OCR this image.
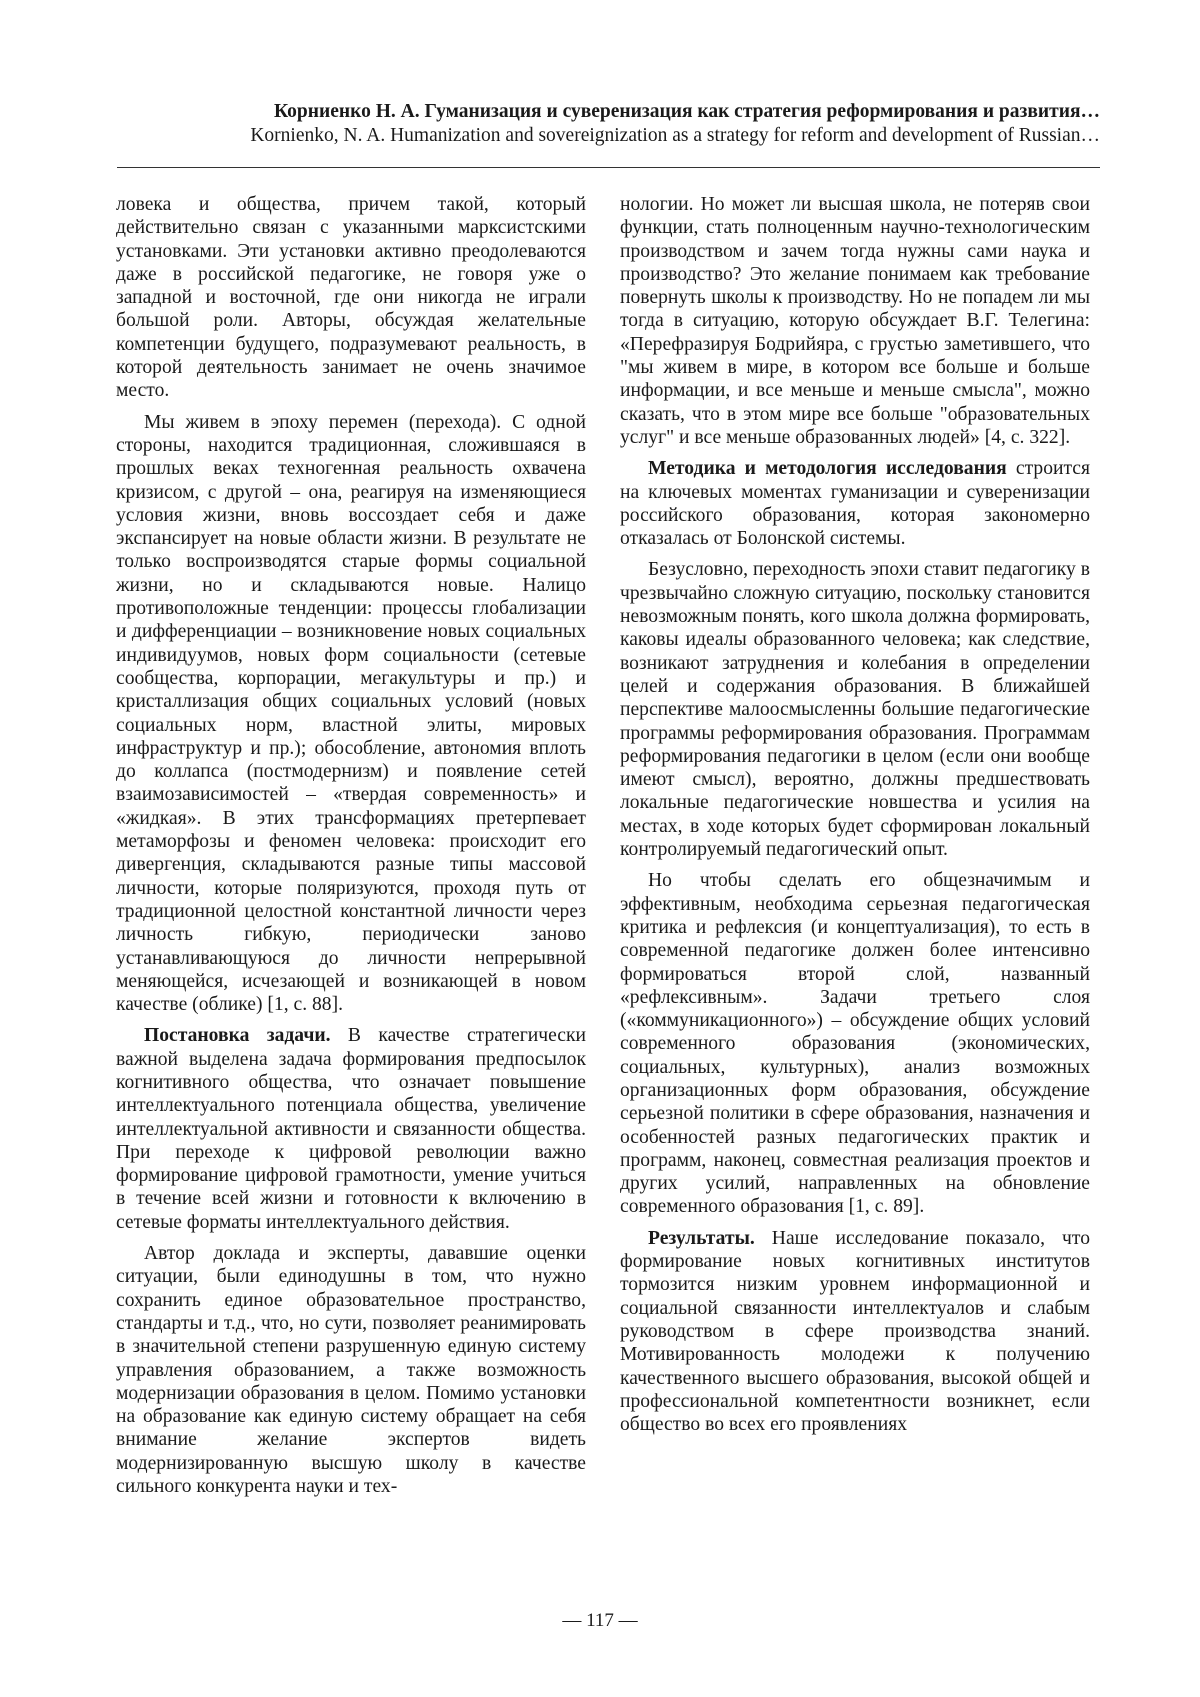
Корниенко Н. А. Гуманизация и суверенизация как стратегия реформирования и развития…
Kornienko, N. A. Humanization and sovereignization as a strategy for reform and development of Russian…

ловека и общества, причем такой, который действительно связан с указанными марксистскими установками. Эти установки активно преодолеваются даже в российской педагогике, не говоря уже о западной и восточной, где они никогда не играли большой роли. Авторы, обсуждая желательные компетенции будущего, подразумевают реальность, в которой деятельность занимает не очень значимое место.

Мы живем в эпоху перемен (перехода). С одной стороны, находится традиционная, сложившаяся в прошлых веках техногенная реальность охвачена кризисом, с другой – она, реагируя на изменяющиеся условия жизни, вновь воссоздает себя и даже экспансирует на новые области жизни. В результате не только воспроизводятся старые формы социальной жизни, но и складываются новые. Налицо противоположные тенденции: процессы глобализации и дифференциации – возникновение новых социальных индивидуумов, новых форм социальности (сетевые сообщества, корпорации, мегакультуры и пр.) и кристаллизация общих социальных условий (новых социальных норм, властной элиты, мировых инфраструктур и пр.); обособление, автономия вплоть до коллапса (постмодернизм) и появление сетей взаимозависимостей – «твердая современность» и «жидкая». В этих трансформациях претерпевает метаморфозы и феномен человека: происходит его дивергенция, складываются разные типы массовой личности, которые поляризуются, проходя путь от традиционной целостной константной личности через личность гибкую, периодически заново устанавливающуюся до личности непрерывной меняющейся, исчезающей и возникающей в новом качестве (облике) [1, с. 88].

Постановка задачи. В качестве стратегически важной выделена задача формирования предпосылок когнитивного общества, что означает повышение интеллектуального потенциала общества, увеличение интеллектуальной активности и связанности общества. При переходе к цифровой революции важно формирование цифровой грамотности, умение учиться в течение всей жизни и готовности к включению в сетевые форматы интеллектуального действия.

Автор доклада и эксперты, дававшие оценки ситуации, были единодушны в том, что нужно сохранить единое образовательное пространство, стандарты и т.д., что, но сути, позволяет реанимировать в значительной степени разрушенную единую систему управления образованием, а также возможность модернизации образования в целом. Помимо установки на образование как единую систему обращает на себя внимание желание экспертов видеть модернизированную высшую школу в качестве сильного конкурента науки и тех-

нологии. Но может ли высшая школа, не потеряв свои функции, стать полноценным научно-технологическим производством и зачем тогда нужны сами наука и производство? Это желание понимаем как требование повернуть школы к производству. Но не попадем ли мы тогда в ситуацию, которую обсуждает В.Г. Телегина: «Перефразируя Бодрийяра, с грустью заметившего, что "мы живем в мире, в котором все больше и больше информации, и все меньше и меньше смысла", можно сказать, что в этом мире все больше "образовательных услуг" и все меньше образованных людей» [4, с. 322].

Методика и методология исследования строится на ключевых моментах гуманизации и суверенизации российского образования, которая закономерно отказалась от Болонской системы.

Безусловно, переходность эпохи ставит педагогику в чрезвычайно сложную ситуацию, поскольку становится невозможным понять, кого школа должна формировать, каковы идеалы образованного человека; как следствие, возникают затруднения и колебания в определении целей и содержания образования. В ближайшей перспективе малоосмысленны большие педагогические программы реформирования образования. Программам реформирования педагогики в целом (если они вообще имеют смысл), вероятно, должны предшествовать локальные педагогические новшества и усилия на местах, в ходе которых будет сформирован локальный контролируемый педагогический опыт.

Но чтобы сделать его общезначимым и эффективным, необходима серьезная педагогическая критика и рефлексия (и концептуализация), то есть в современной педагогике должен более интенсивно формироваться второй слой, названный «рефлексивным». Задачи третьего слоя («коммуникационного») – обсуждение общих условий современного образования (экономических, социальных, культурных), анализ возможных организационных форм образования, обсуждение серьезной политики в сфере образования, назначения и особенностей разных педагогических практик и программ, наконец, совместная реализация проектов и других усилий, направленных на обновление современного образования [1, с. 89].

Результаты. Наше исследование показало, что формирование новых когнитивных институтов тормозится низким уровнем информационной и социальной связанности интеллектуалов и слабым руководством в сфере производства знаний. Мотивированность молодежи к получению качественного высшего образования, высокой общей и профессиональной компетентности возникнет, если общество во всех его проявлениях

— 117 —
